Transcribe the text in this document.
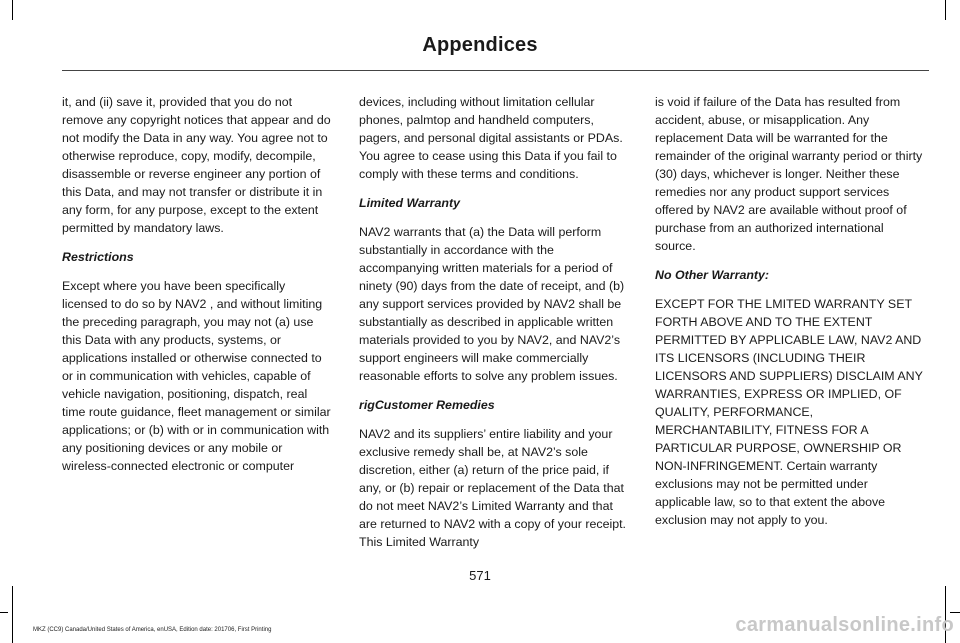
Appendices

it, and (ii) save it, provided that you do not remove any copyright notices that appear and do not modify the Data in any way. You agree not to otherwise reproduce, copy, modify, decompile, disassemble or reverse engineer any portion of this Data, and may not transfer or distribute it in any form, for any purpose, except to the extent permitted by mandatory laws.

Restrictions

Except where you have been specifically licensed to do so by NAV2 , and without limiting the preceding paragraph, you may not (a) use this Data with any products, systems, or applications installed or otherwise connected to or in communication with vehicles, capable of vehicle navigation, positioning, dispatch, real time route guidance, fleet management or similar applications; or (b) with or in communication with any positioning devices or any mobile or wireless-connected electronic or computer

devices, including without limitation cellular phones, palmtop and handheld computers, pagers, and personal digital assistants or PDAs. You agree to cease using this Data if you fail to comply with these terms and conditions.

Limited Warranty

NAV2 warrants that (a) the Data will perform substantially in accordance with the accompanying written materials for a period of ninety (90) days from the date of receipt, and (b) any support services provided by NAV2 shall be substantially as described in applicable written materials provided to you by NAV2, and NAV2’s support engineers will make commercially reasonable efforts to solve any problem issues.

rigCustomer Remedies

NAV2 and its suppliers’ entire liability and your exclusive remedy shall be, at NAV2’s sole discretion, either (a) return of the price paid, if any, or (b) repair or replacement of the Data that do not meet NAV2’s Limited Warranty and that are returned to NAV2 with a copy of your receipt. This Limited Warranty

is void if failure of the Data has resulted from accident, abuse, or misapplication. Any replacement Data will be warranted for the remainder of the original warranty period or thirty (30) days, whichever is longer. Neither these remedies nor any product support services offered by NAV2 are available without proof of purchase from an authorized international source.

No Other Warranty:

EXCEPT FOR THE LMITED WARRANTY SET FORTH ABOVE AND TO THE EXTENT PERMITTED BY APPLICABLE LAW, NAV2 AND ITS LICENSORS (INCLUDING THEIR LICENSORS AND SUPPLIERS) DISCLAIM ANY WARRANTIES, EXPRESS OR IMPLIED, OF QUALITY, PERFORMANCE, MERCHANTABILITY, FITNESS FOR A PARTICULAR PURPOSE, OWNERSHIP OR NON-INFRINGEMENT. Certain warranty exclusions may not be permitted under applicable law, so to that extent the above exclusion may not apply to you.

571
MKZ (CC9) Canada/United States of America, enUSA, Edition date: 201706, First Printing	carmanualsonline.info
